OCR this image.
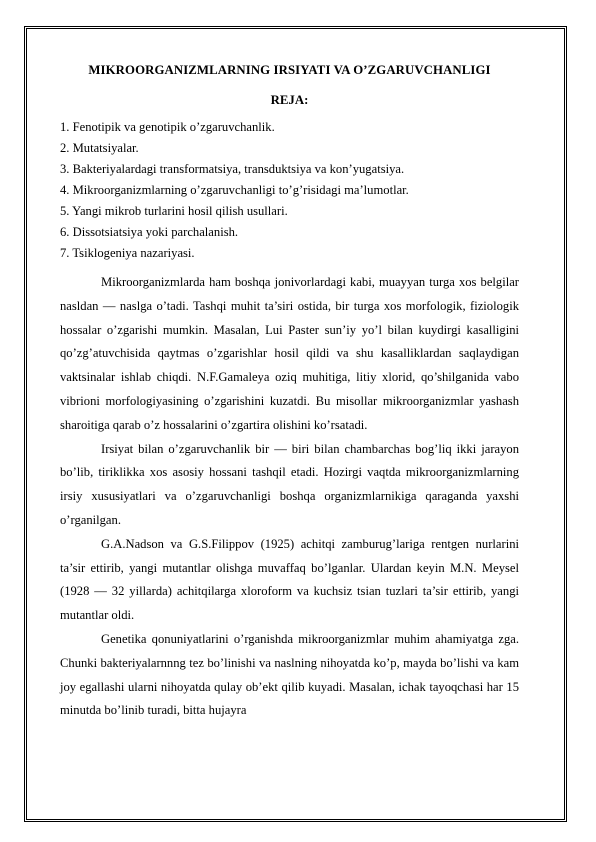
MIKROORGANIZMLARNING IRSIYATI VA O’ZGARUVCHANLIGI
REJA:
1. Fenotipik va genotipik o’zgaruvchanlik.
2. Mutatsiyalar.
3. Bakteriyalardagi transformatsiya, transduktsiya va kon’yugatsiya.
4. Mikroorganizmlarning o’zgaruvchanligi to’g’risidagi ma’lumotlar.
5. Yangi mikrob turlarini hosil qilish usullari.
6. Dissotsiatsiya yoki parchalanish.
7. Tsiklogeniya nazariyasi.

Mikroorganizmlarda ham boshqa jonivorlardagi kabi, muayyan turga xos belgilar nasldan — naslga o’tadi. Tashqi muhit ta’siri ostida, bir turga xos morfologik, fiziologik hossalar o’zgarishi mumkin. Masalan, Lui Paster sun’iy yo’l bilan kuydirgi kasalligini qo’zg’atuvchisida qaytmas o’zgarishlar hosil qildi va shu kasalliklardan saqlaydigan vaktsinalar ishlab chiqdi. N.F.Gamaleya oziq muhitiga, litiy xlorid, qo’shilganida vabo vibrioni morfologiyasining o’zgarishini kuzatdi. Bu misollar mikroorganizmlar yashash sharoitiga qarab o’z hossalarini o’zgartira olishini ko’rsatadi.

Irsiyat bilan o’zgaruvchanlik bir — biri bilan chambarchas bog’liq ikki jarayon bo’lib, tiriklikka xos asosiy hossani tashqil etadi. Hozirgi vaqtda mikroorganizmlarning irsiy xususiyatlari va o’zgaruvchanligi boshqa organizmlarnikiga qaraganda yaxshi o’rganilgan.

G.A.Nadson va G.S.Filippov (1925) achitqi zamburug’lariga rentgen nurlarini ta’sir ettirib, yangi mutantlar olishga muvaffaq bo’lganlar. Ulardan keyin M.N. Meysel (1928 — 32 yillarda) achitqilarga xloroform va kuchsiz tsian tuzlari ta’sir ettirib, yangi mutantlar oldi.

Genetika qonuniyatlarini o’rganishda mikroorganizmlar muhim ahamiyatga zga. Chunki bakteriyalarnnng tez bo’linishi va naslning nihoyatda ko’p, mayda bo’lishi va kam joy egallashi ularni nihoyatda qulay ob’ekt qilib kuyadi. Masalan, ichak tayoqchasi har 15 minutda bo’linib turadi, bitta hujayra
